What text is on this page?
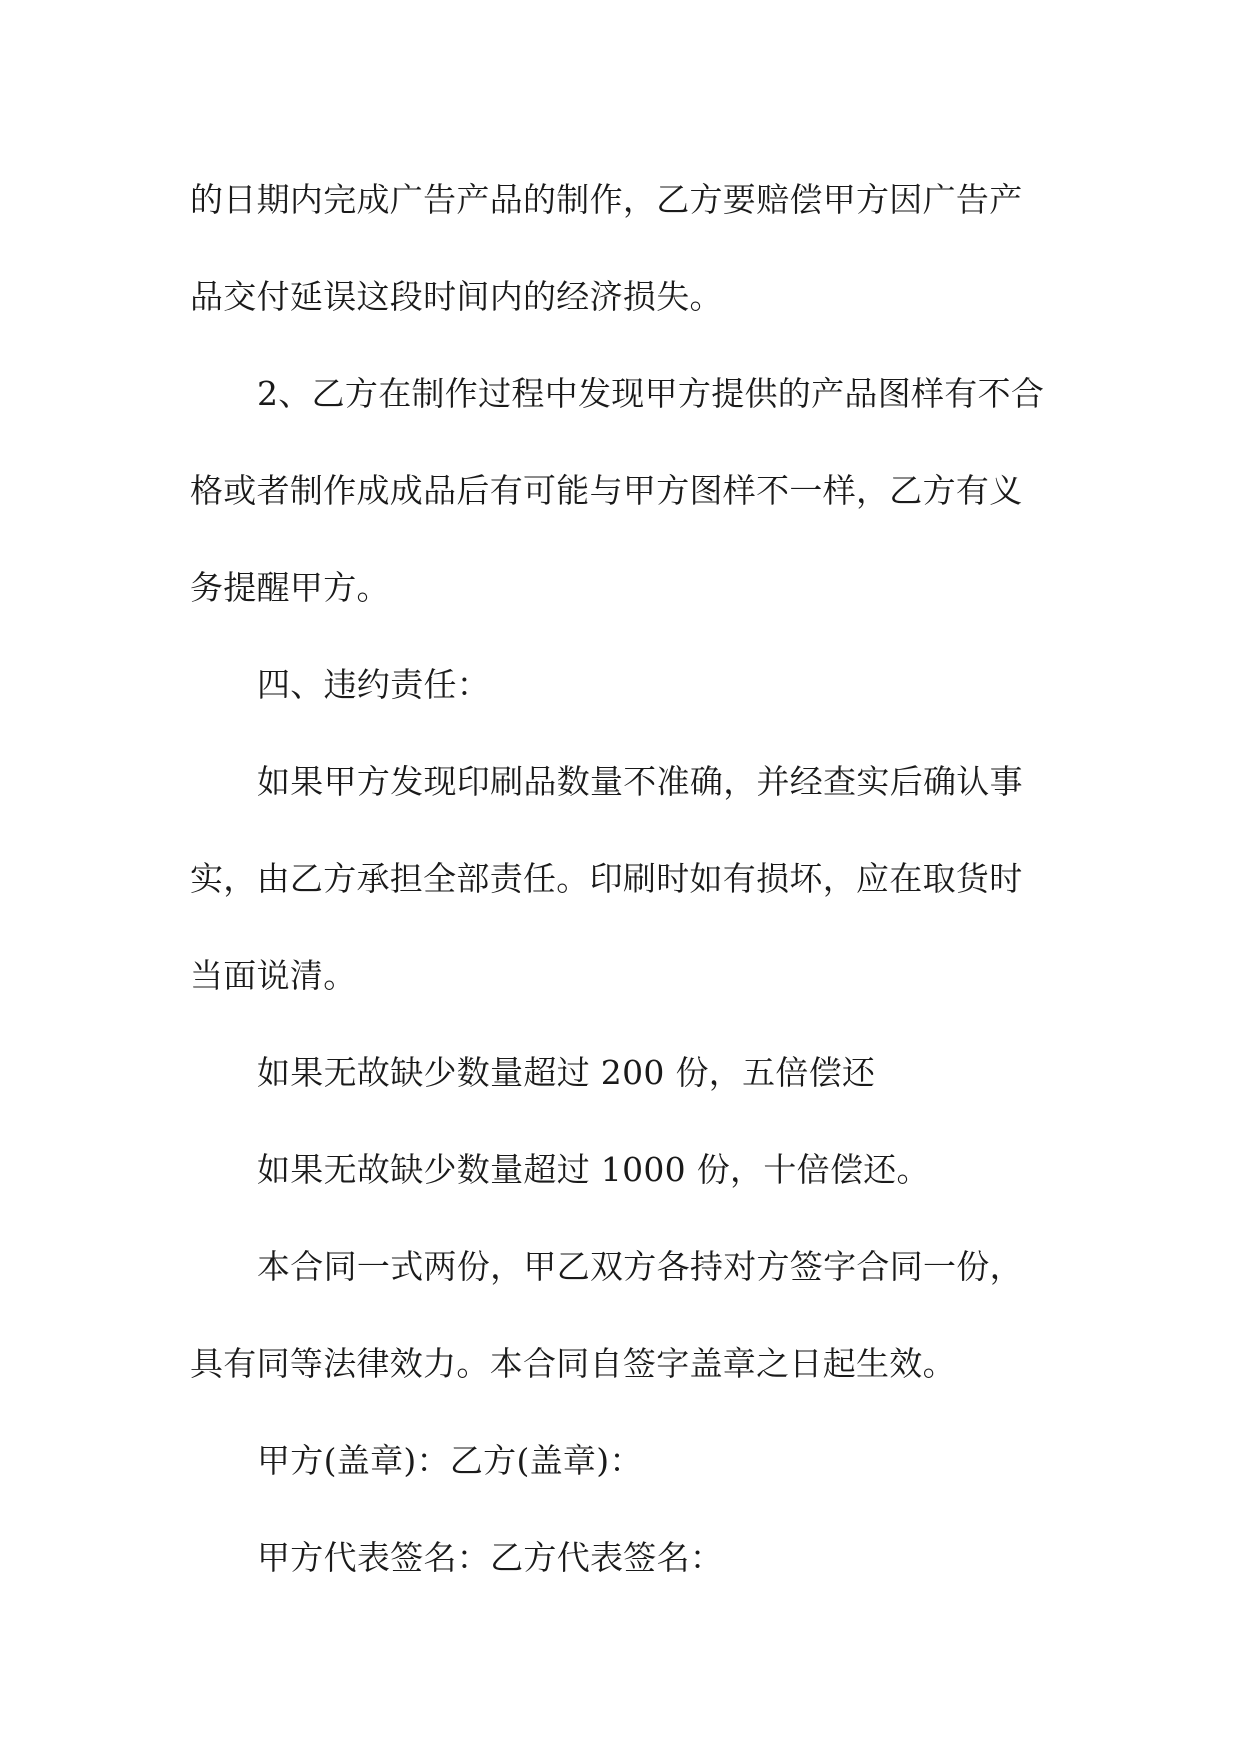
的日期内完成广告产品的制作，乙方要赔偿甲方因广告产
品交付延误这段时间内的经济损失。
2、乙方在制作过程中发现甲方提供的产品图样有不合
格或者制作成成品后有可能与甲方图样不一样，乙方有义
务提醒甲方。
四、违约责任：
如果甲方发现印刷品数量不准确，并经查实后确认事
实，由乙方承担全部责任。印刷时如有损坏，应在取货时
当面说清。
如果无故缺少数量超过 200 份，五倍偿还
如果无故缺少数量超过 1000 份，十倍偿还。
本合同一式两份，甲乙双方各持对方签字合同一份，
具有同等法律效力。本合同自签字盖章之日起生效。
甲方(盖章)：乙方(盖章)：
甲方代表签名：乙方代表签名：
